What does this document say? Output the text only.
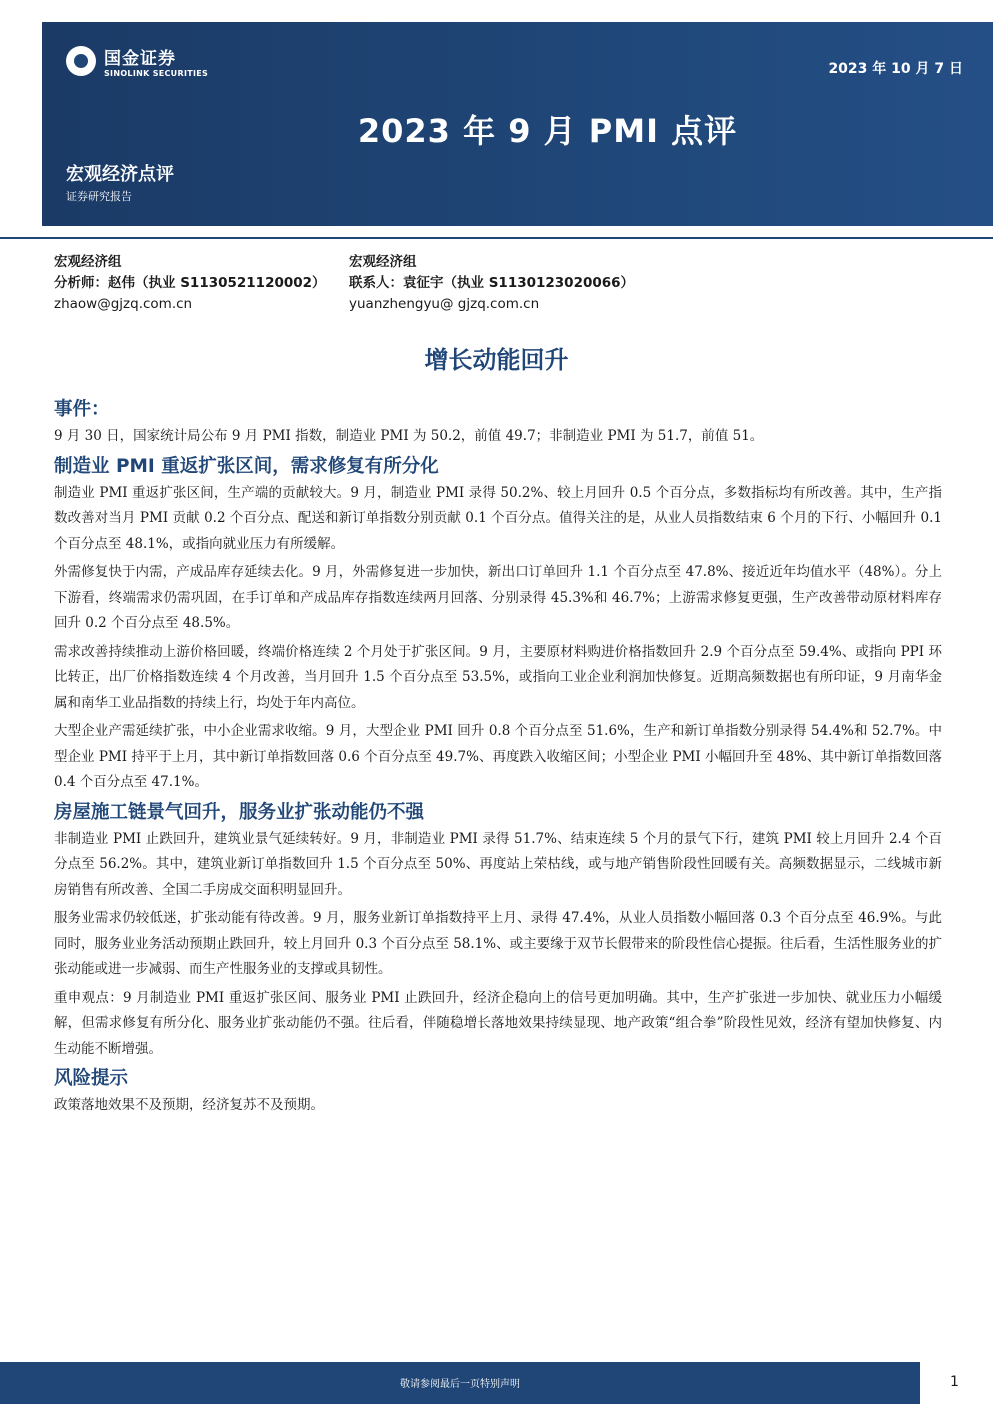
国金证券
SINOLINK SECURITIES	2023 年 10 月 7 日
2023 年 9 月 PMI 点评
宏观经济点评
证券研究报告
宏观经济组
分析师：赵伟（执业 S1130521120002）
zhaow@gjzq.com.cn
宏观经济组
联系人：袁征宇（执业 S1130123020066）
yuanzhengyu@ gjzq.com.cn
增长动能回升
事件：

9 月 30 日，国家统计局公布 9 月 PMI 指数，制造业 PMI 为 50.2，前值 49.7；非制造业 PMI 为 51.7，前值 51。

制造业 PMI 重返扩张区间，需求修复有所分化

制造业 PMI 重返扩张区间，生产端的贡献较大。9 月，制造业 PMI 录得 50.2%、较上月回升 0.5 个百分点，多数指标均有所改善。其中，生产指数改善对当月 PMI 贡献 0.2 个百分点、配送和新订单指数分别贡献 0.1 个百分点。值得关注的是，从业人员指数结束 6 个月的下行、小幅回升 0.1 个百分点至 48.1%，或指向就业压力有所缓解。

外需修复快于内需，产成品库存延续去化。9 月，外需修复进一步加快，新出口订单回升 1.1 个百分点至 47.8%、接近近年均值水平（48%）。分上下游看，终端需求仍需巩固，在手订单和产成品库存指数连续两月回落、分别录得 45.3%和 46.7%；上游需求修复更强，生产改善带动原材料库存回升 0.2 个百分点至 48.5%。

需求改善持续推动上游价格回暖，终端价格连续 2 个月处于扩张区间。9 月，主要原材料购进价格指数回升 2.9 个百分点至 59.4%、或指向 PPI 环比转正，出厂价格指数连续 4 个月改善，当月回升 1.5 个百分点至 53.5%，或指向工业企业利润加快修复。近期高频数据也有所印证，9 月南华金属和南华工业品指数的持续上行，均处于年内高位。

大型企业产需延续扩张，中小企业需求收缩。9 月，大型企业 PMI 回升 0.8 个百分点至 51.6%，生产和新订单指数分别录得 54.4%和 52.7%。中型企业 PMI 持平于上月，其中新订单指数回落 0.6 个百分点至 49.7%、再度跌入收缩区间；小型企业 PMI 小幅回升至 48%、其中新订单指数回落 0.4 个百分点至 47.1%。

房屋施工链景气回升，服务业扩张动能仍不强

非制造业 PMI 止跌回升，建筑业景气延续转好。9 月，非制造业 PMI 录得 51.7%、结束连续 5 个月的景气下行，建筑 PMI 较上月回升 2.4 个百分点至 56.2%。其中，建筑业新订单指数回升 1.5 个百分点至 50%、再度站上荣枯线，或与地产销售阶段性回暖有关。高频数据显示，二线城市新房销售有所改善、全国二手房成交面积明显回升。

服务业需求仍较低迷，扩张动能有待改善。9 月，服务业新订单指数持平上月、录得 47.4%，从业人员指数小幅回落 0.3 个百分点至 46.9%。与此同时，服务业业务活动预期止跌回升，较上月回升 0.3 个百分点至 58.1%、或主要缘于双节长假带来的阶段性信心提振。往后看，生活性服务业的扩张动能或进一步减弱、而生产性服务业的支撑或具韧性。

重申观点：9 月制造业 PMI 重返扩张区间、服务业 PMI 止跌回升，经济企稳向上的信号更加明确。其中，生产扩张进一步加快、就业压力小幅缓解，但需求修复有所分化、服务业扩张动能仍不强。往后看，伴随稳增长落地效果持续显现、地产政策“组合拳”阶段性见效，经济有望加快修复、内生动能不断增强。

风险提示

政策落地效果不及预期，经济复苏不及预期。

敬请参阅最后一页特别声明	1
